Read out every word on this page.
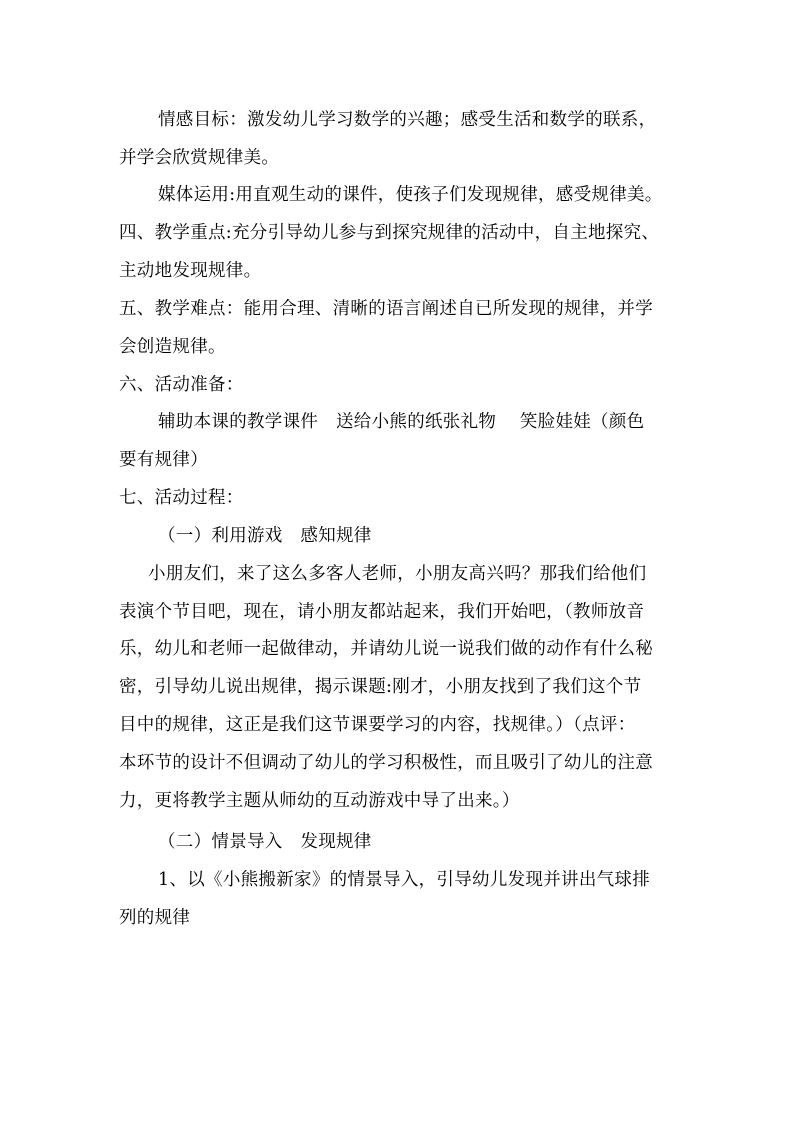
情感目标：激发幼儿学习数学的兴趣；感受生活和数学的联系，
并学会欣赏规律美。
媒体运用:用直观生动的课件，使孩子们发现规律，感受规律美。
四、教学重点:充分引导幼儿参与到探究规律的活动中，自主地探究、
主动地发现规律。
五、教学难点：能用合理、清晰的语言阐述自已所发现的规律，并学
会创造规律。
六、活动准备：
辅助本课的教学课件　送给小熊的纸张礼物　 笑脸娃娃（颜色
要有规律）
七、活动过程：
（一）利用游戏　感知规律
小朋友们，来了这么多客人老师，小朋友高兴吗？那我们给他们
表演个节目吧，现在，请小朋友都站起来，我们开始吧，（教师放音
乐，幼儿和老师一起做律动，并请幼儿说一说我们做的动作有什么秘
密，引导幼儿说出规律，揭示课题:刚才，小朋友找到了我们这个节
目中的规律，这正是我们这节课要学习的内容，找规律。）（点评：
本环节的设计不但调动了幼儿的学习积极性，而且吸引了幼儿的注意
力，更将教学主题从师幼的互动游戏中导了出来。）
（二）情景导入　发现规律
1、以《小熊搬新家》的情景导入，引导幼儿发现并讲出气球排
列的规律
